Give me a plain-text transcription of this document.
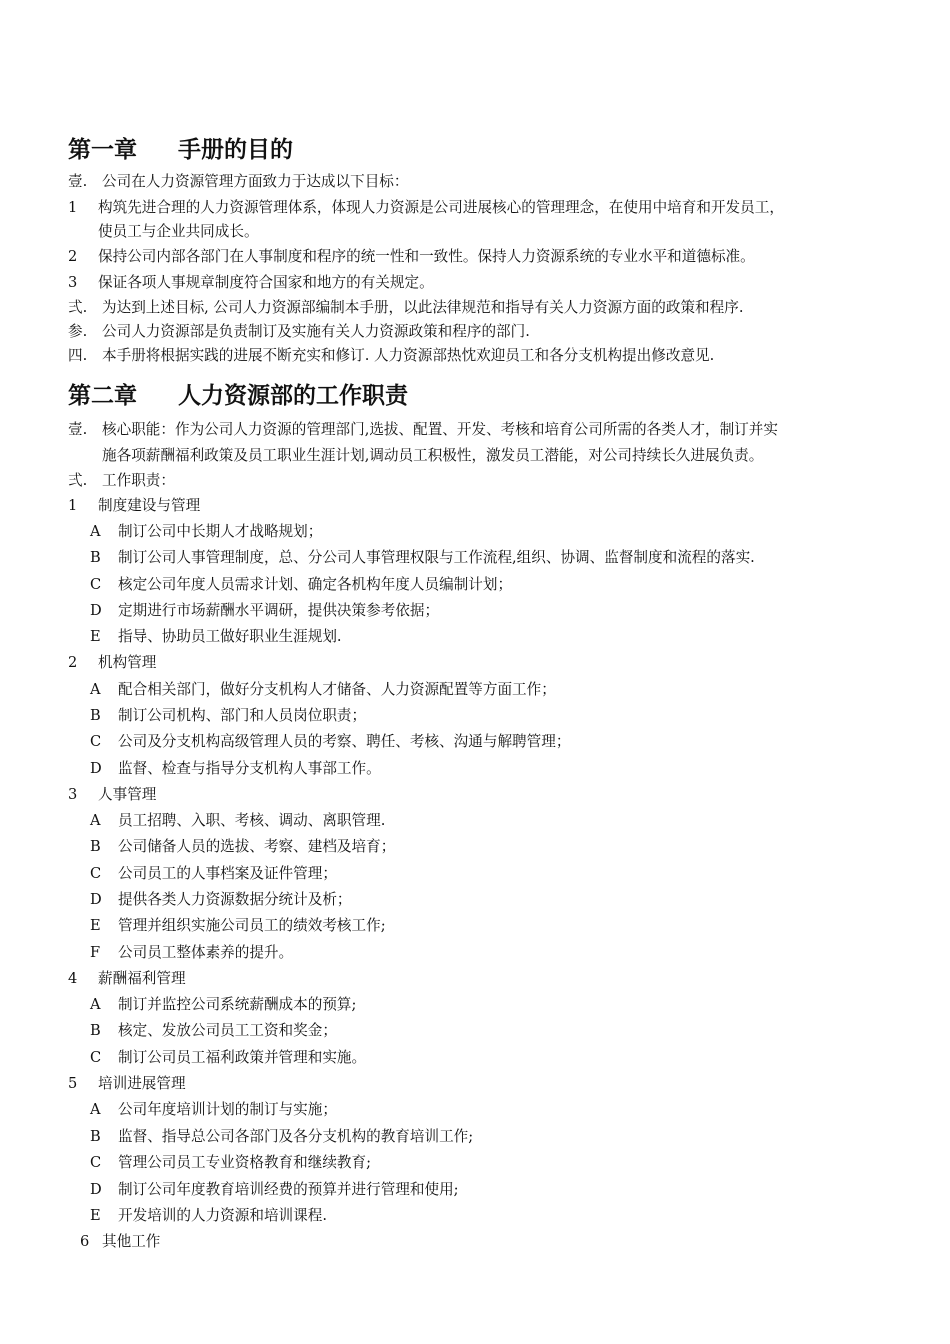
第一章 手册的目的
壹. 公司在人力资源管理方面致力于达成以下目标：
1 构筑先进合理的人力资源管理体系，体现人力资源是公司进展核心的管理理念，在使用中培育和开发员工，
使员工与企业共同成长。
2 保持公司内部各部门在人事制度和程序的统一性和一致性。保持人力资源系统的专业水平和道德标准。
3 保证各项人事规章制度符合国家和地方的有关规定。
弍. 为达到上述目标, 公司人力资源部编制本手册，以此法律规范和指导有关人力资源方面的政策和程序.
参. 公司人力资源部是负责制订及实施有关人力资源政策和程序的部门.
四. 本手册将根据实践的进展不断充实和修订. 人力资源部热忱欢迎员工和各分支机构提出修改意见.
第二章 人力资源部的工作职责
壹. 核心职能：作为公司人力资源的管理部门,选拔、配置、开发、考核和培育公司所需的各类人才，制订并实
施各项薪酬福利政策及员工职业生涯计划,调动员工积极性，激发员工潜能，对公司持续长久进展负责。
弍. 工作职责：
1 制度建设与管理
A 制订公司中长期人才战略规划；
B 制订公司人事管理制度，总、分公司人事管理权限与工作流程,组织、协调、监督制度和流程的落实.
C 核定公司年度人员需求计划、确定各机构年度人员编制计划；
D 定期进行市场薪酬水平调研，提供决策参考依据；
E 指导、协助员工做好职业生涯规划.
2 机构管理
A 配合相关部门，做好分支机构人才储备、人力资源配置等方面工作；
B 制订公司机构、部门和人员岗位职责；
C 公司及分支机构高级管理人员的考察、聘任、考核、沟通与解聘管理；
D 监督、检查与指导分支机构人事部工作。
3 人事管理
A 员工招聘、入职、考核、调动、离职管理.
B 公司储备人员的选拔、考察、建档及培育；
C 公司员工的人事档案及证件管理；
D 提供各类人力资源数据分统计及析；
E 管理并组织实施公司员工的绩效考核工作;
F 公司员工整体素养的提升。
4 薪酬福利管理
A 制订并监控公司系统薪酬成本的预算;
B 核定、发放公司员工工资和奖金；
C 制订公司员工福利政策并管理和实施。
5 培训进展管理
A 公司年度培训计划的制订与实施；
B 监督、指导总公司各部门及各分支机构的教育培训工作;
C 管理公司员工专业资格教育和继续教育;
D 制订公司年度教育培训经费的预算并进行管理和使用;
E 开发培训的人力资源和培训课程.
6 其他工作
